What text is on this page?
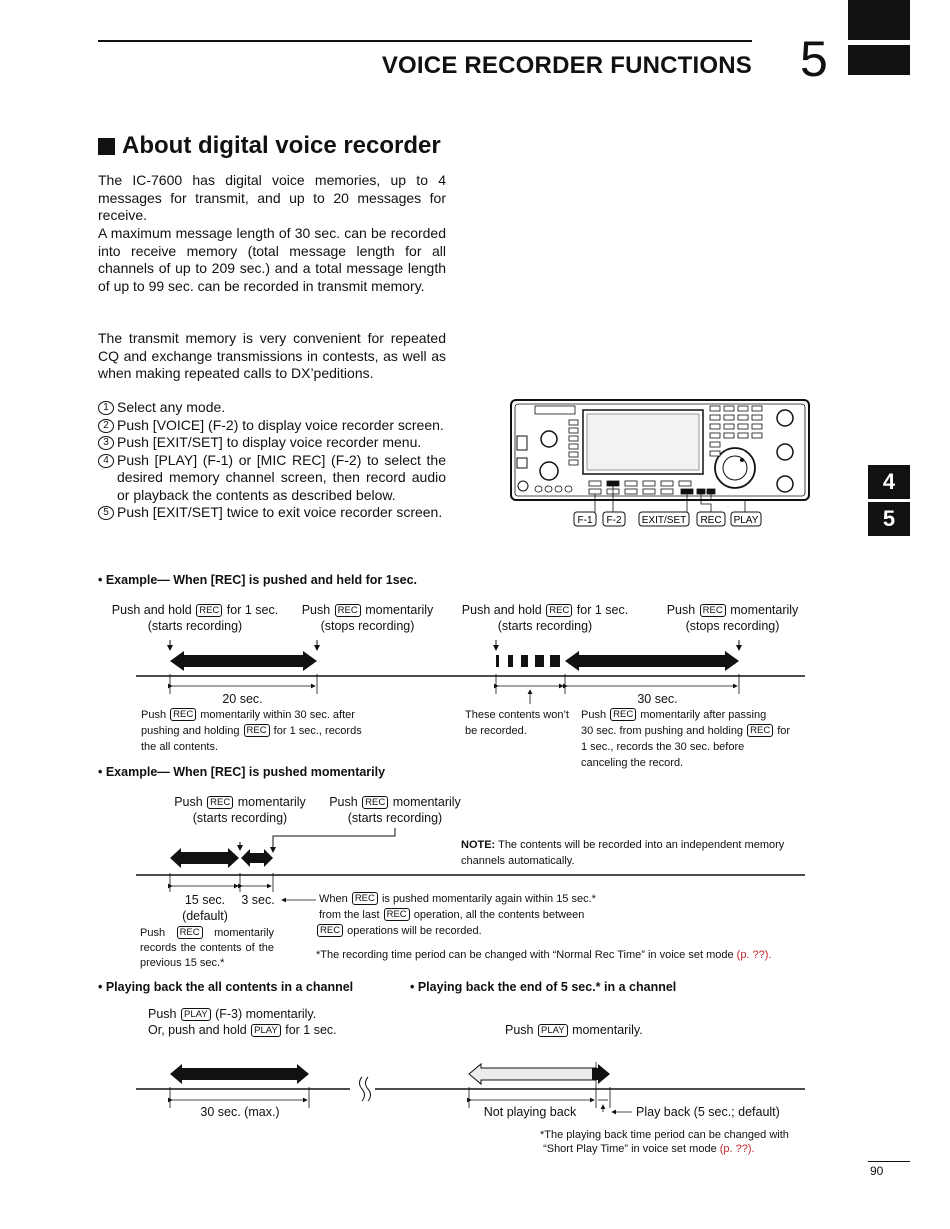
VOICE RECORDER FUNCTIONS 5
4
5
About digital voice recorder
The IC-7600 has digital voice memories, up to 4 messages for transmit, and up to 20 messages for receive.
A maximum message length of 30 sec. can be recorded into receive memory (total message length for all channels of up to 209 sec.) and a total message length of up to 99 sec. can be recorded in transmit memory.
The transmit memory is very convenient for repeated CQ and exchange transmissions in contests, as well as when making repeated calls to DX’peditions.
1 Select any mode.
2 Push [VOICE] (F-2) to display voice recorder screen.
3 Push [EXIT/SET] to display voice recorder menu.
4 Push [PLAY] (F-1) or [MIC REC] (F-2) to select the desired memory channel screen, then record audio or playback the contents as described below.
5 Push [EXIT/SET] twice to exit voice recorder screen.
F-1 F-2 EXIT/SET REC PLAY
• Example— When [REC] is pushed and held for 1sec.
Push and hold REC for 1 sec.
(starts recording)
Push REC momentarily
(stops recording)
Push and hold REC for 1 sec.
(starts recording)
Push REC momentarily
(stops recording)
20 sec.	30 sec.
Push REC momentarily within 30 sec. after
pushing and holding REC for 1 sec., records
the all contents.
These contents won’t be recorded.
Push REC momentarily after passing
30 sec. from pushing and holding REC for 1 sec., records the 30 sec. before canceling the record.
• Example— When [REC] is pushed momentarily
Push REC momentarily
(starts recording)
Push REC momentarily
(starts recording)
NOTE: The contents will be recorded into an independent memory channels automatically.
15 sec.
(default)
3 sec.	When REC is pushed momentarily again within 15 sec.*
from the last REC operation, all the contents between
REC operations will be recorded.
Push REC momentarily records the contents of the previous 15 sec.*
*The recording time period can be changed with “Normal Rec Time” in voice set mode (p. ??).
• Playing back the all contents in a channel	• Playing back the end of 5 sec.* in a channel
Push PLAY (F-3) momentarily.
Or, push and hold PLAY for 1 sec.	Push PLAY momentarily.
30 sec. (max.)	Not playing back	Play back (5 sec.; default)
*The playing back time period can be changed with
“Short Play Time” in voice set mode (p. ??).
90
